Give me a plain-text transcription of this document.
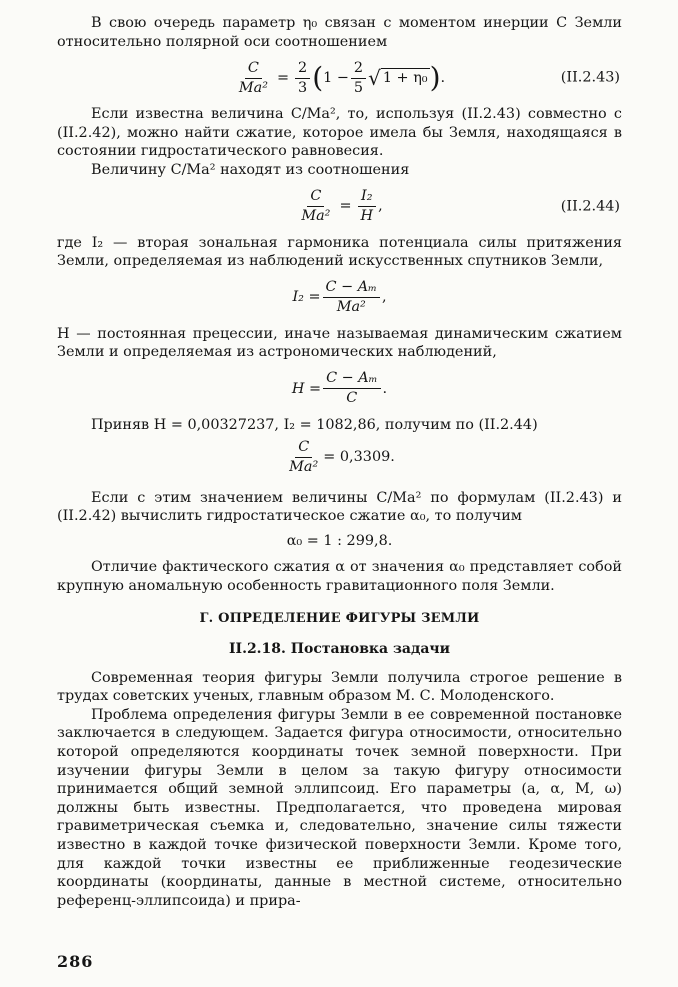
В свою очередь параметр η₀ связан с моментом инерции C Земли относительно полярной оси соотношением

$\frac{C}{\text{Ma²}} = \frac{2}{3}$ ( $1 - \frac{2}{5}$ √ 1 + η₀ ) .	(II.2.43)

Если известна величина C/Ma², то, используя (II.2.43) совместно с (II.2.42), можно найти сжатие, которое имела бы Земля, находящаяся в состоянии гидростатического равновесия.

Величину C/Ma² находят из соотношения

$\frac{C}{\text{Ma²}} = \frac{\text{I₂}}{H}$ ,	(II.2.44)

где I₂ — вторая зональная гармоника потенциала силы притяжения Земли, определяемая из наблюдений искусственных спутников Земли,

$I_2 = \frac{\text{C − Aₘ}}{\text{Ma²}}$ ,

H — постоянная прецессии, иначе называемая динамическим сжатием Земли и определяемая из астрономических наблюдений,

$H = \frac{\text{C − Aₘ}}{C}$ .

Приняв H = 0,00327237, I₂ = 1082,86, получим по (II.2.44)

$\frac{C}{\text{Ma²}} = 0,3309$.

Если с этим значением величины C/Ma² по формулам (II.2.43) и (II.2.42) вычислить гидростатическое сжатие α₀, то получим

α₀ = 1 : 299,8.

Отличие фактического сжатия α от значения α₀ представляет собой крупную аномальную особенность гравитационного поля Земли.

Г. ОПРЕДЕЛЕНИЕ ФИГУРЫ ЗЕМЛИ
II.2.18. Постановка задачи

Современная теория фигуры Земли получила строгое решение в трудах советских ученых, главным образом М. С. Молоденского.

Проблема определения фигуры Земли в ее современной постановке заключается в следующем. Задается фигура относимости, относительно которой определяются координаты точек земной поверхности. При изучении фигуры Земли в целом за такую фигуру относимости принимается общий земной эллипсоид. Его параметры (a, α, M, ω) должны быть известны. Предполагается, что проведена мировая гравиметрическая съемка и, следовательно, значение силы тяжести известно в каждой точке физической поверхности Земли. Кроме того, для каждой точки известны ее приближенные геодезические координаты (координаты, данные в местной системе, относительно референц-эллипсоида) и прира-

286
